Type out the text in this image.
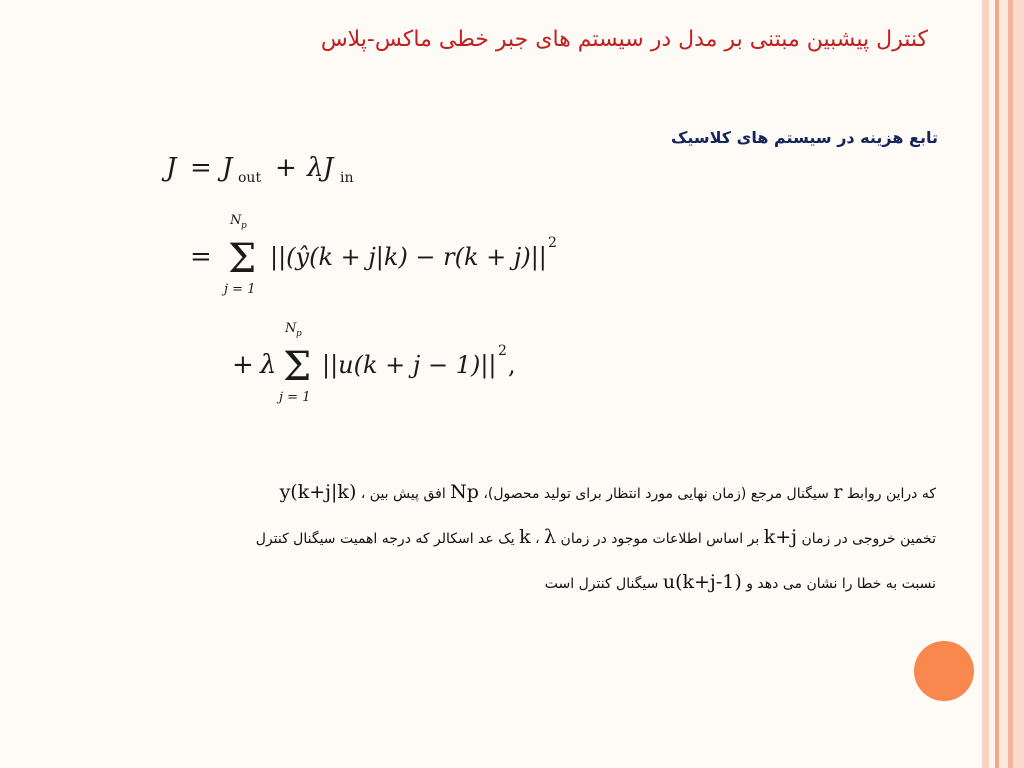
کنترل پیشبین مبتنی بر مدل در سیستم های جبر خطی ماکس-پلاس
تابع هزینه در سیستم های کلاسیک
J = J out + λ J in
=
N p
Σ
j = 1
||(ŷ(k + j|k) − r(k + j)|| 2
+ λ
N p
Σ
j = 1
||u(k + j − 1)|| 2 ,
که دراین روابط r سیگنال مرجع (زمان نهایی مورد انتظار برای تولید محصول)، Np افق پیش بین ، y(k+j|k)
تخمین خروجی در زمان k+j بر اساس اطلاعات موجود در زمان k ، λ یک عد اسکالر که درجه اهمیت سیگنال کنترل
نسبت به خطا را نشان می دهد و u(k+j-1) سیگنال کنترل است
